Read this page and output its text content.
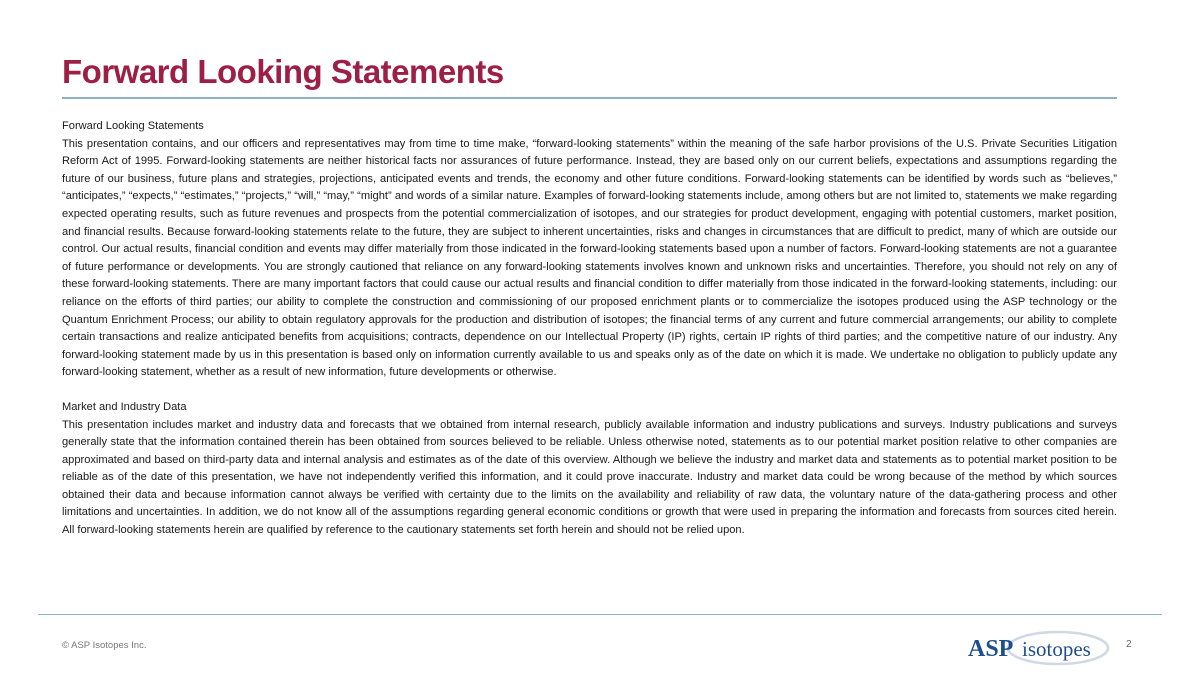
Forward Looking Statements

Forward Looking Statements

This presentation contains, and our officers and representatives may from time to time make, “forward-looking statements” within the meaning of the safe harbor provisions of the U.S. Private Securities Litigation Reform Act of 1995. Forward-looking statements are neither historical facts nor assurances of future performance. Instead, they are based only on our current beliefs, expectations and assumptions regarding the future of our business, future plans and strategies, projections, anticipated events and trends, the economy and other future conditions. Forward-looking statements can be identified by words such as “believes,” “anticipates,” “expects,” “estimates,” “projects,” “will,” “may,” “might” and words of a similar nature. Examples of forward-looking statements include, among others but are not limited to, statements we make regarding expected operating results, such as future revenues and prospects from the potential commercialization of isotopes, and our strategies for product development, engaging with potential customers, market position, and financial results. Because forward-looking statements relate to the future, they are subject to inherent uncertainties, risks and changes in circumstances that are difficult to predict, many of which are outside our control. Our actual results, financial condition and events may differ materially from those indicated in the forward-looking statements based upon a number of factors. Forward-looking statements are not a guarantee of future performance or developments. You are strongly cautioned that reliance on any forward-looking statements involves known and unknown risks and uncertainties. Therefore, you should not rely on any of these forward-looking statements. There are many important factors that could cause our actual results and financial condition to differ materially from those indicated in the forward-looking statements, including: our reliance on the efforts of third parties; our ability to complete the construction and commissioning of our proposed enrichment plants or to commercialize the isotopes produced using the ASP technology or the Quantum Enrichment Process; our ability to obtain regulatory approvals for the production and distribution of isotopes; the financial terms of any current and future commercial arrangements; our ability to complete certain transactions and realize anticipated benefits from acquisitions; contracts, dependence on our Intellectual Property (IP) rights, certain IP rights of third parties; and the competitive nature of our industry. Any forward-looking statement made by us in this presentation is based only on information currently available to us and speaks only as of the date on which it is made. We undertake no obligation to publicly update any forward-looking statement, whether as a result of new information, future developments or otherwise.

Market and Industry Data

This presentation includes market and industry data and forecasts that we obtained from internal research, publicly available information and industry publications and surveys. Industry publications and surveys generally state that the information contained therein has been obtained from sources believed to be reliable. Unless otherwise noted, statements as to our potential market position relative to other companies are approximated and based on third-party data and internal analysis and estimates as of the date of this overview. Although we believe the industry and market data and statements as to potential market position to be reliable as of the date of this presentation, we have not independently verified this information, and it could prove inaccurate. Industry and market data could be wrong because of the method by which sources obtained their data and because information cannot always be verified with certainty due to the limits on the availability and reliability of raw data, the voluntary nature of the data-gathering process and other limitations and uncertainties. In addition, we do not know all of the assumptions regarding general economic conditions or growth that were used in preparing the information and forecasts from sources cited herein. All forward-looking statements herein are qualified by reference to the cautionary statements set forth herein and should not be relied upon.

© ASP Isotopes Inc.	ASP isotopes	2
